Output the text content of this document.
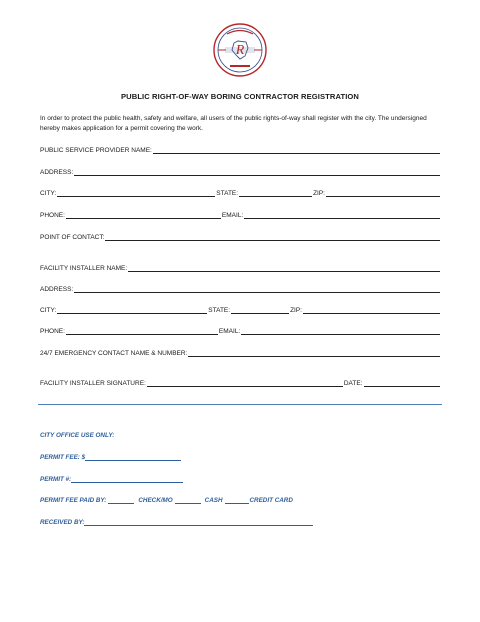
R
PUBLIC RIGHT-OF-WAY BORING CONTRACTOR REGISTRATION
In order to protect the public health, safety and welfare, all users of the public rights-of-way shall register with the city. The undersigned hereby makes application for a permit covering the work.
PUBLIC SERVICE PROVIDER NAME:
ADDRESS:
CITY:	STATE:	ZIP:
PHONE:	EMAIL:
POINT OF CONTACT:
FACILITY INSTALLER NAME:
ADDRESS:
CITY:	STATE:	ZIP:
PHONE:	EMAIL:
24/7 EMERGENCY CONTACT NAME & NUMBER:
FACILITY INSTALLER SIGNATURE:	DATE:
CITY OFFICE USE ONLY:
PERMIT FEE: $
PERMIT #:
PERMIT FEE PAID BY:	CHECK/MO	CASH	CREDIT CARD
RECEIVED BY:
